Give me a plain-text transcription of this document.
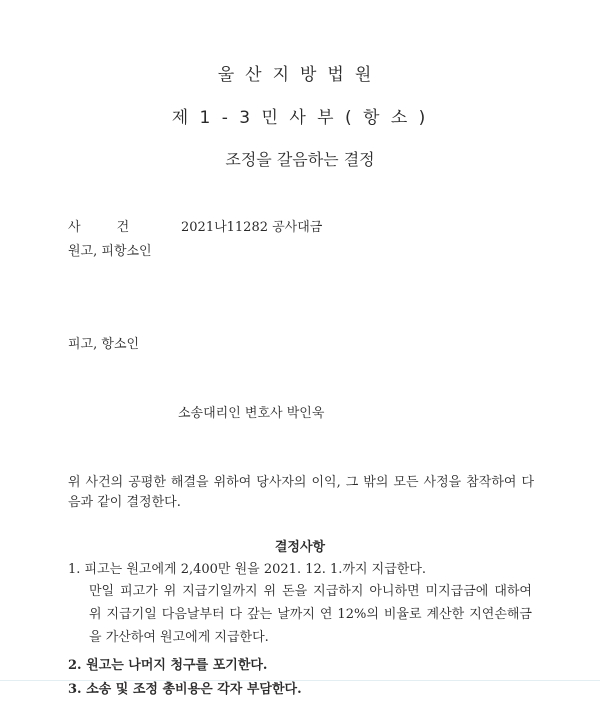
울산지방법원

제 1 - 3 민 사 부 ( 항 소 )

조정을 갈음하는 결정

사	건	2021나11282 공사대금

원고, 피항소인

피고, 항소인

소송대리인 변호사 박인욱

위 사건의 공평한 해결을 위하여 당사자의 이익, 그 밖의 모든 사정을 참작하여 다음과 같이 결정한다.

결정사항

1. 피고는 원고에게 2,400만 원을 2021. 12. 1.까지 지급한다.

만일 피고가 위 지급기일까지 위 돈을 지급하지 아니하면 미지급금에 대하여 위 지급기일 다음날부터 다 갚는 날까지 연 12%의 비율로 계산한 지연손해금을 가산하여 원고에게 지급한다.

2. 원고는 나머지 청구를 포기한다.

3. 소송 및 조정 총비용은 각자 부담한다.
